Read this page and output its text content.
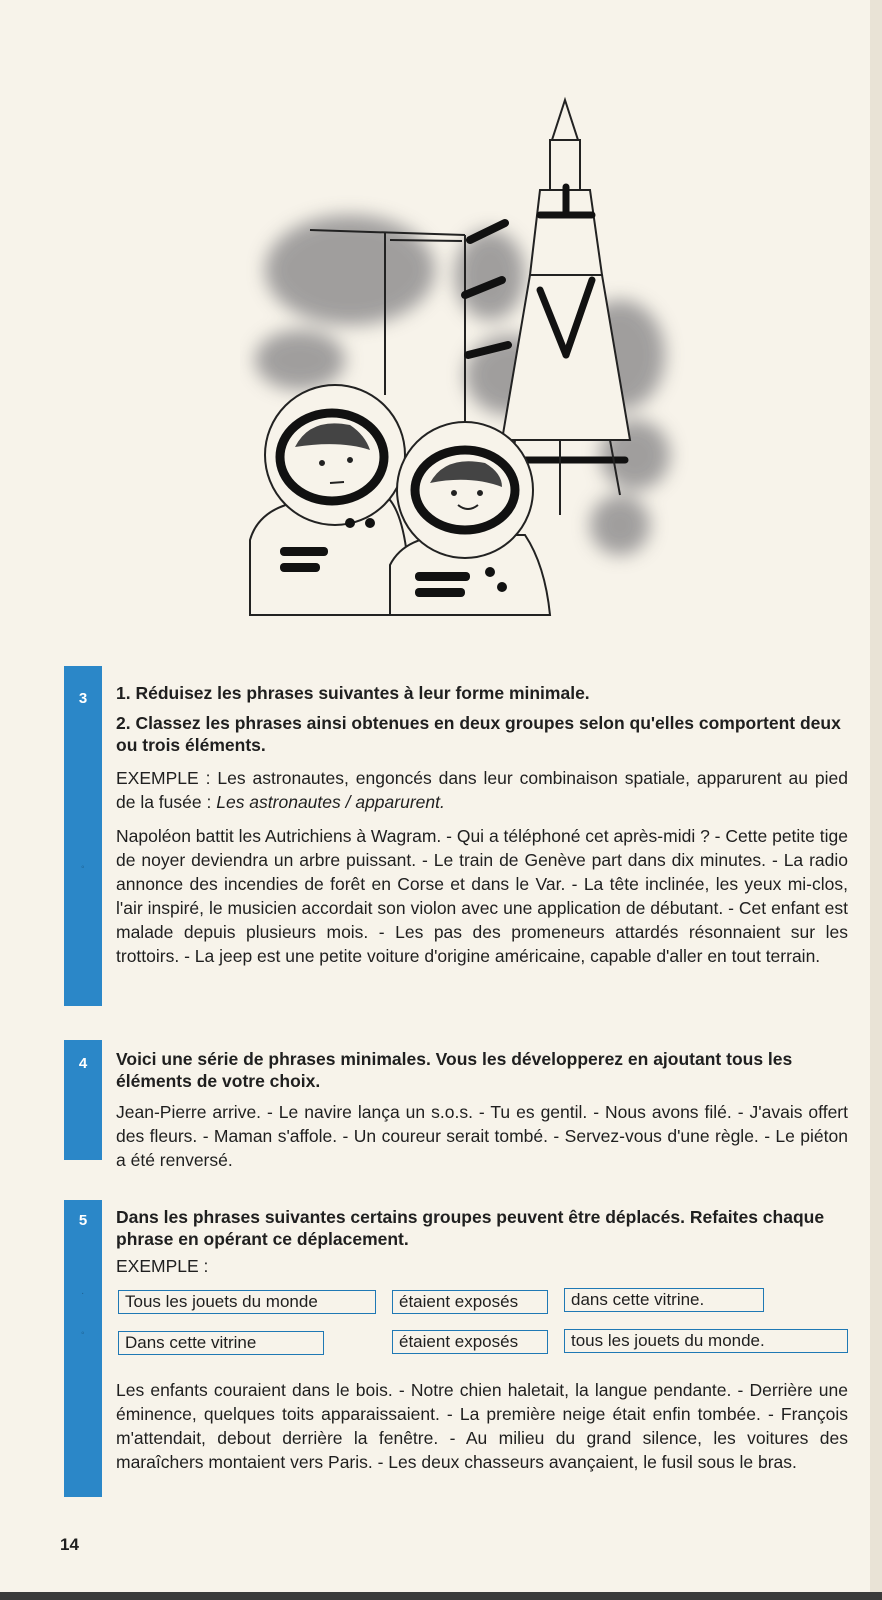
3
◦

1. Réduisez les phrases suivantes à leur forme minimale.

2. Classez les phrases ainsi obtenues en deux groupes selon qu'elles comportent deux ou trois éléments.

EXEMPLE : Les astronautes, engoncés dans leur combinaison spatiale, apparurent au pied de la fusée : Les astronautes / apparurent.

Napoléon battit les Autrichiens à Wagram. - Qui a téléphoné cet après-midi ? - Cette petite tige de noyer deviendra un arbre puissant. - Le train de Genève part dans dix minutes. - La radio annonce des incendies de forêt en Corse et dans le Var. - La tête inclinée, les yeux mi-clos, l'air inspiré, le musicien accordait son violon avec une application de débutant. - Cet enfant est malade depuis plusieurs mois. - Les pas des promeneurs attardés résonnaient sur les trottoirs. - La jeep est une petite voiture d'origine américaine, capable d'aller en tout terrain.

4	Voici une série de phrases minimales. Vous les développerez en ajoutant tous les éléments de votre choix.

Jean-Pierre arrive. - Le navire lança un s.o.s. - Tu es gentil. - Nous avons filé. - J'avais offert des fleurs. - Maman s'affole. - Un coureur serait tombé. - Servez-vous d'une règle. - Le piéton a été renversé.

5
·
◦

Dans les phrases suivantes certains groupes peuvent être déplacés. Refaites chaque phrase en opérant ce déplacement.

EXEMPLE :

Tous les jouets du monde	étaient exposés	dans cette vitrine.
Dans cette vitrine	étaient exposés	tous les jouets du monde.

Les enfants couraient dans le bois. - Notre chien haletait, la langue pendante. - Derrière une éminence, quelques toits apparaissaient. - La première neige était enfin tombée. - François m'attendait, debout derrière la fenêtre. - Au milieu du grand silence, les voitures des maraîchers montaient vers Paris. - Les deux chasseurs avançaient, le fusil sous le bras.

14
